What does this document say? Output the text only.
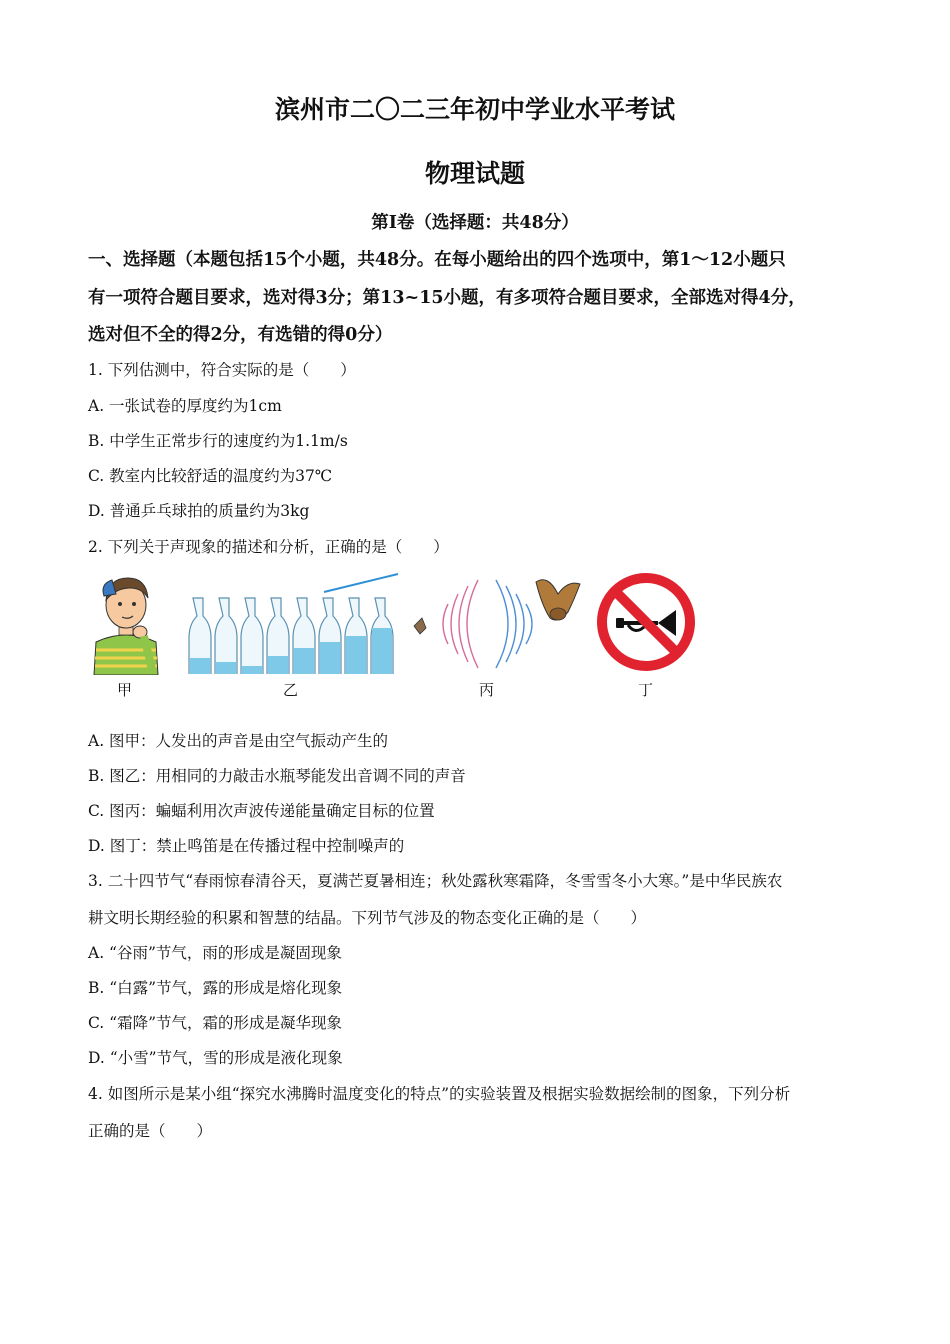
滨州市二〇二三年初中学业水平考试
物理试题
第Ⅰ卷（选择题：共48分）
一、选择题（本题包括15个小题，共48分。在每小题给出的四个选项中，第1～12小题只
有一项符合题目要求，选对得3分；第13~15小题，有多项符合题目要求，全部选对得4分，
选对但不全的得2分，有选错的得0分）
1. 下列估测中，符合实际的是（　　）
A. 一张试卷的厚度约为1cm
B. 中学生正常步行的速度约为1.1m/s
C. 教室内比较舒适的温度约为37℃
D. 普通乒乓球拍的质量约为3kg
2. 下列关于声现象的描述和分析，正确的是（　　）
甲	乙	丙	丁
A. 图甲：人发出的声音是由空气振动产生的
B. 图乙：用相同的力敲击水瓶琴能发出音调不同的声音
C. 图丙：蝙蝠利用次声波传递能量确定目标的位置
D. 图丁：禁止鸣笛是在传播过程中控制噪声的
3. 二十四节气“春雨惊春清谷天，夏满芒夏暑相连；秋处露秋寒霜降，冬雪雪冬小大寒。”是中华民族农
耕文明长期经验的积累和智慧的结晶。下列节气涉及的物态变化正确的是（　　）
A. “谷雨”节气，雨的形成是凝固现象
B. “白露”节气，露的形成是熔化现象
C. “霜降”节气，霜的形成是凝华现象
D. “小雪”节气，雪的形成是液化现象
4. 如图所示是某小组“探究水沸腾时温度变化的特点”的实验装置及根据实验数据绘制的图象，下列分析
正确的是（　　）
